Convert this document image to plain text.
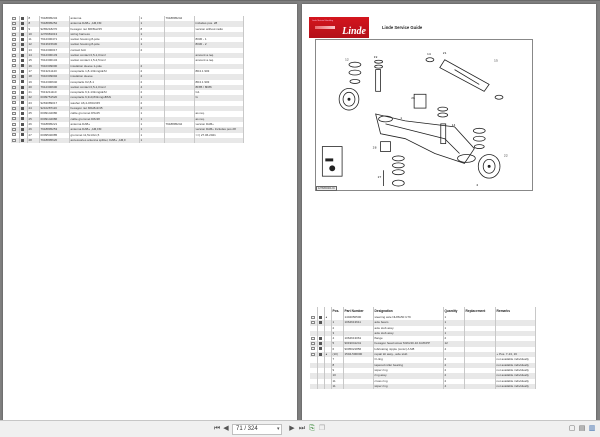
		8	7918895234	antenna	1	7918895242	
		8	7918895252	antenna DAB+ ,AM,FM	1		includes pos. 28
		9	9265218270	hexagon nut M6/8x2/45	8		version without radio
		10	1270981013	wiring harness	1		
		11	7912300471	socket housing 8-pole	1		8030 - 1
		12	7913615630	socket housing 8-pole	1		8030 - 2
		13	7912300017	contact bolt	2		
		14	7912300133	socket contact 0,5-1,0mm²			amount a.req.
		15	7912300134	socket contact 1,5-2,5mm²			amount a.req.
		16	7910309000	insulation sleeve 1-pole	2		
		17	7913211140	receptacle 1,8-1/4inngsESI	2		8D4.1 903
		18	7910309002	insulation sleeve	2		
		19	7912300640	receptacle K2,8-1	2		8D4.1 903
		20	7912300600	socket contact 0,5-1,0mm²	4		8F85 / 8F86
		21	7913211110	receptacle 6,3-1/4inngsESI	2		G1
		22	0009751520	receptacle 6,3x0,8/4inngsBSN	1		G
		23	9263089017	washer A6,4-0X0/2/45	2		
		24	9210287116	hexagon nut M6x8x2/45	2		
		25	0009142080	cable grommet D5x25	1		as req.
		25	0009142086	cable grommet D8x38	1		as req.
		26	7918895221	antenna DAB+	1	7918895242	version DAB+
		26	7918895253	antenna DAB+ ,AM,FM	1		version DAB+ Includes pos 28
		27	0009540085	grommet 11,5x13x1,5	1		>=( 27.06.2021
		28	7918895620	accessories antenna splitter, DAB+ ,AM,F	1		
Linde Material Handling
Linde	Linde Service Guide
12
19
14	21
15
26
1
14
22
28
27
4
1276050404-01
			Pos.	Part Number	Designation	Quantity	Replacement	Remarks
		◂		1404050500	steering axle NL86x50 U79	1		
			1	1064613611	axle beam	1		
			2		axle stub assy.	1		
			3		axle stub assy.	1		
			4	1064613061	flange	2		
			5	9019041241	hexagon head screw M16x30-10.9-MKPP	12		
			6	9005021856	lubricating nipple (conic) A M8	4		
		◂	(10)	1504-500000	repair kit assy., axle stub			+ Pos. 7-13, 16
			7		O-ring	2		not available individually
			8		tapered roller bearing	2		not available individually
			9		wiper ring	2		not available individually
			10		ring assy.	2		not available individually
			11		cross ring	2		not available individually
			11		wiper ring	4		not available individually
⏮ ◀	71 / 324	▾ ▶ ⏭ ⎘ ❐	▢ ▤ ▥
